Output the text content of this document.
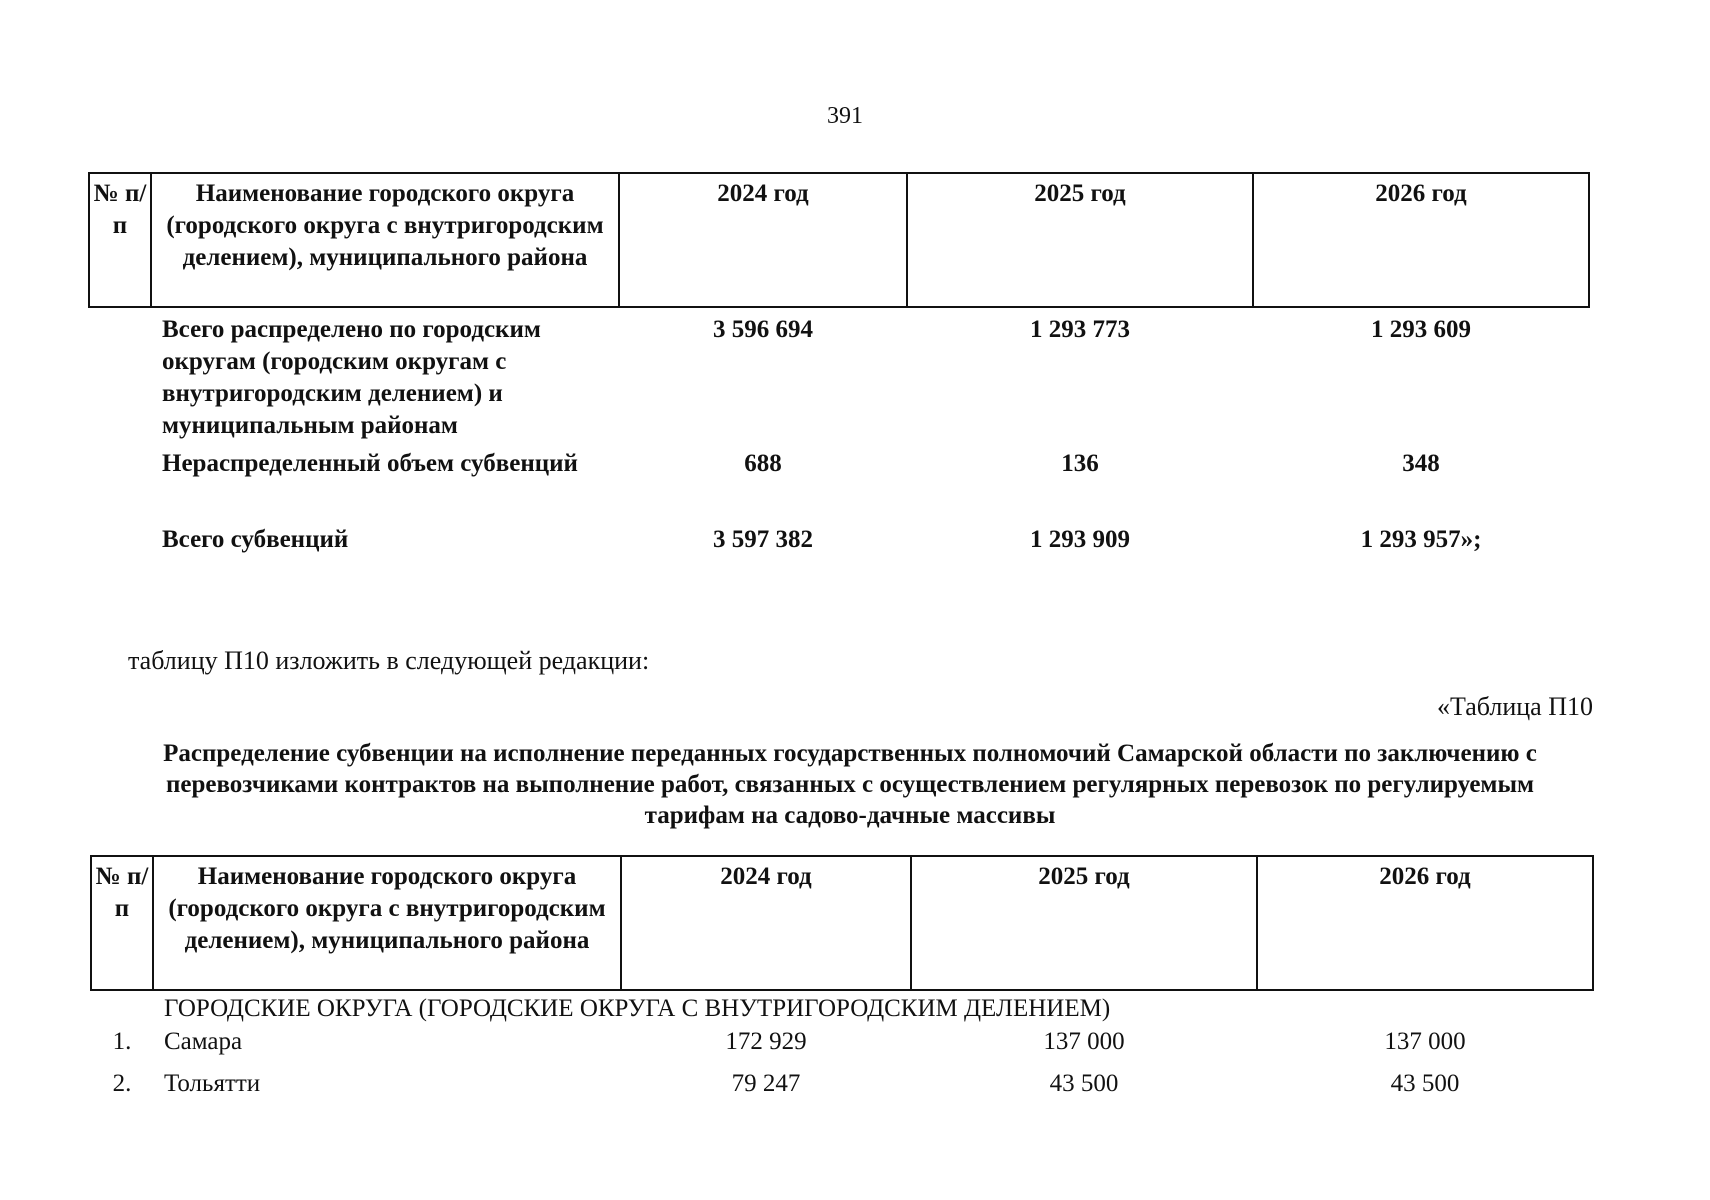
391
№ п/п	Наименование городского округа (городского округа с внутригородским делением), муниципального района	2024 год	2025 год	2026 год
	Всего распределено по городским округам (городским округам с внутригородским делением) и муниципальным районам	3 596 694	1 293 773	1 293 609
	Нераспределенный объем субвенций	688	136	348
	Всего субвенций	3 597 382	1 293 909	1 293 957»;
таблицу П10 изложить в следующей редакции:
«Таблица П10
Распределение субвенции на исполнение переданных государственных полномочий Самарской области по заключению с перевозчиками контрактов на выполнение работ, связанных с осуществлением регулярных перевозок по регулируемым тарифам на садово-дачные массивы
№ п/п	Наименование городского округа (городского округа с внутригородским делением), муниципального района	2024 год	2025 год	2026 год
	ГОРОДСКИЕ ОКРУГА (ГОРОДСКИЕ ОКРУГА С ВНУТРИГОРОДСКИМ ДЕЛЕНИЕМ)			
1.	Самара	172 929	137 000	137 000
2.	Тольятти	79 247	43 500	43 500
